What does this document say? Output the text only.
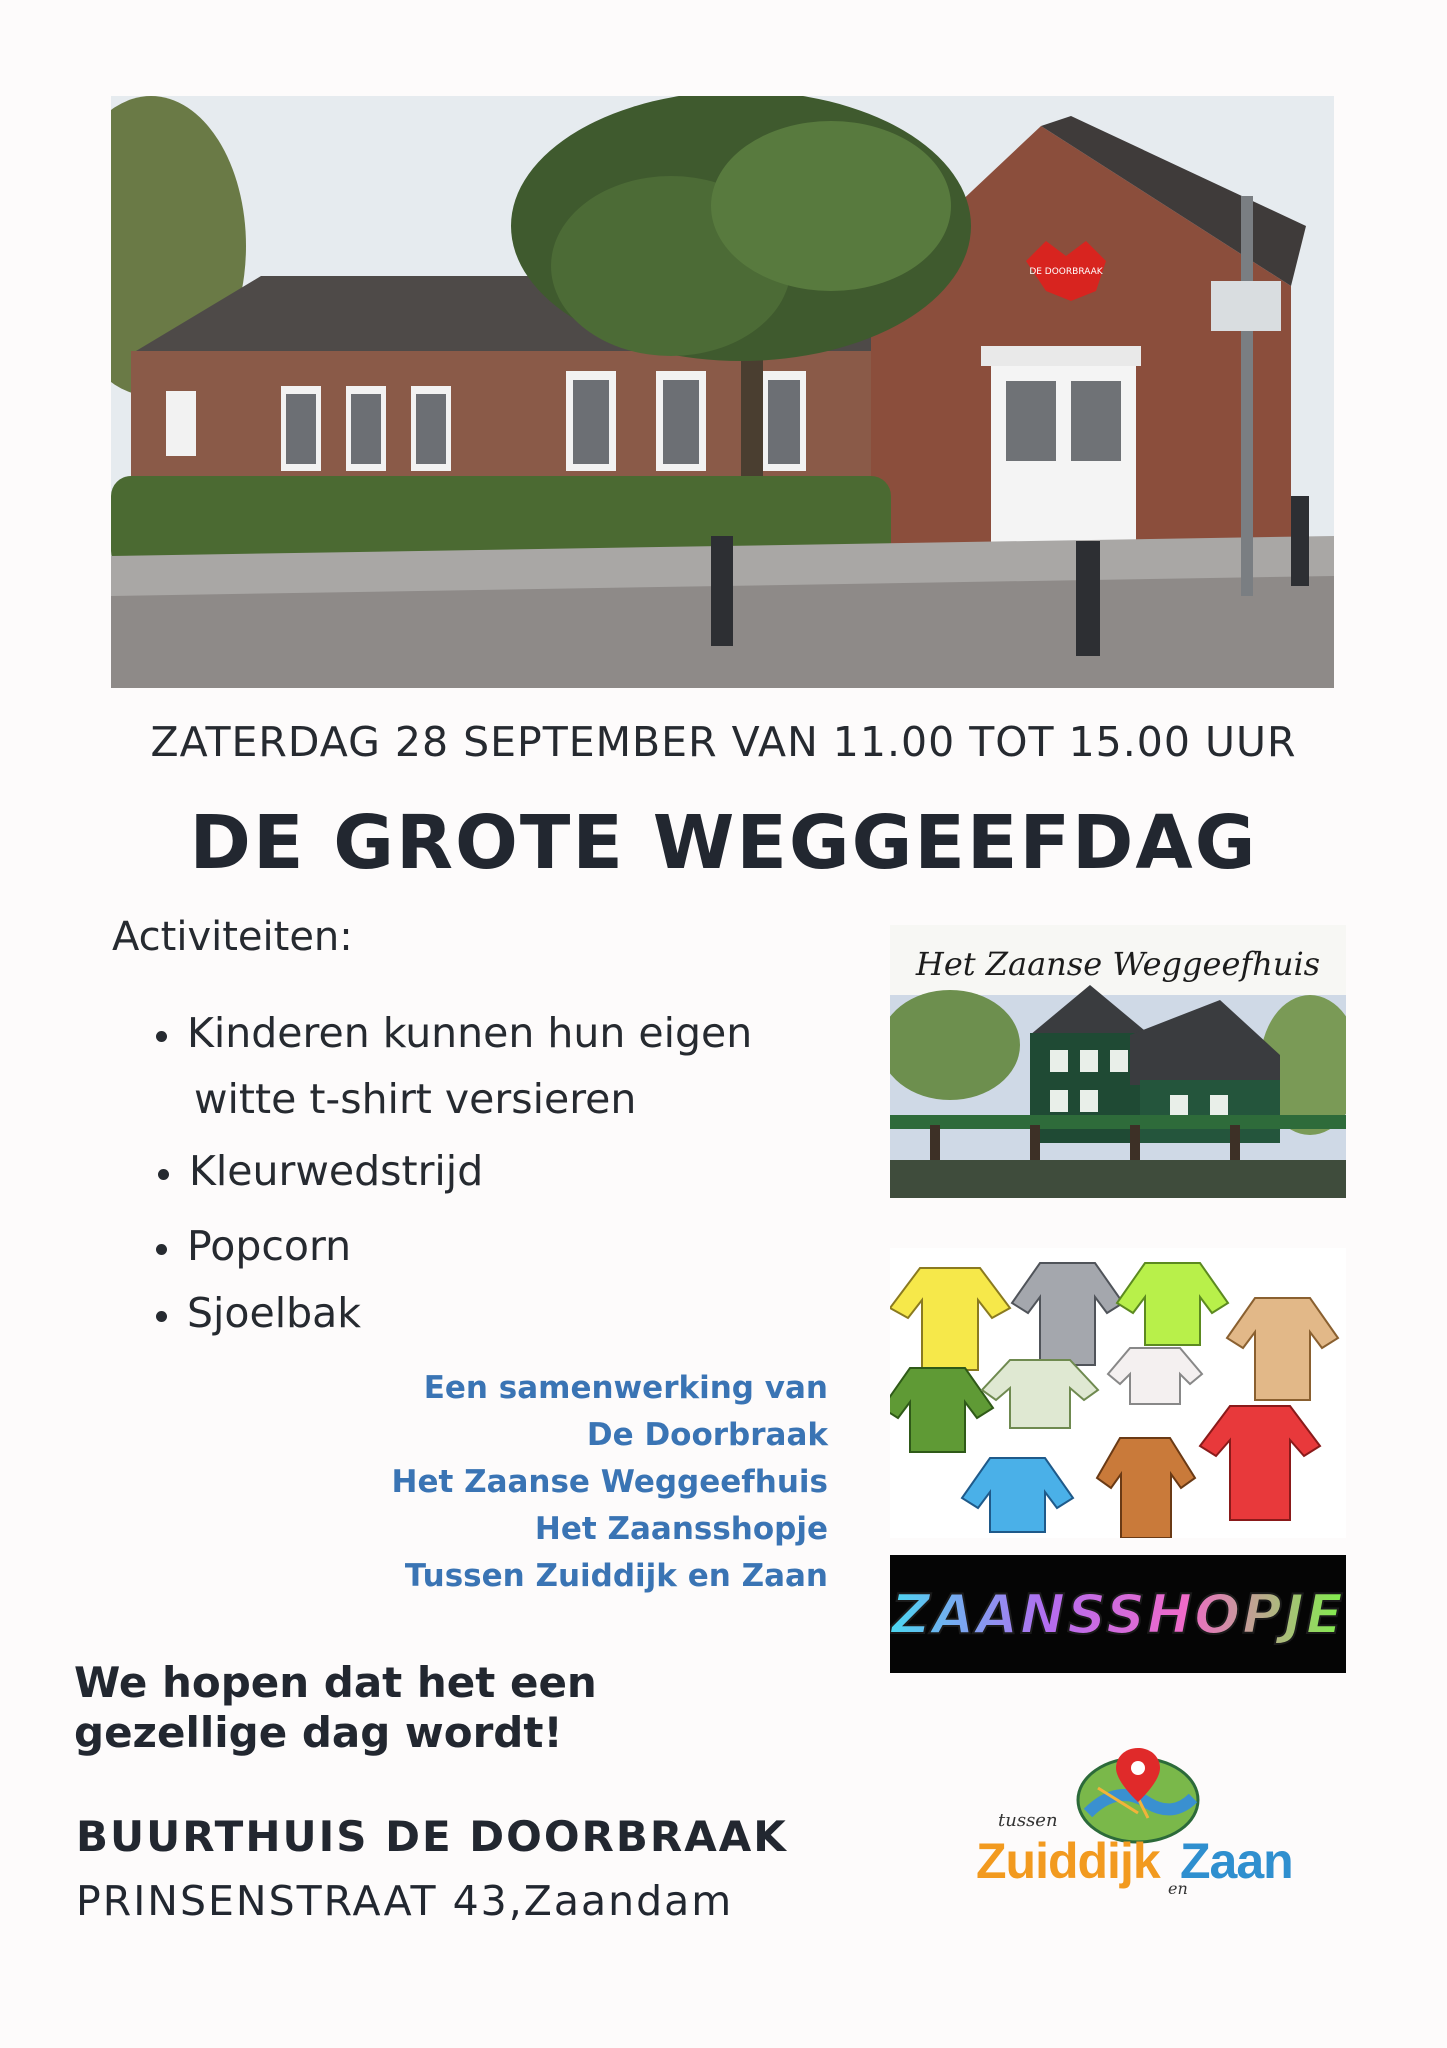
DE DOORBRAAK
ZATERDAG 28 SEPTEMBER VAN 11.00 TOT 15.00 UUR
DE GROTE WEGGEEFDAG
Activiteiten:
Kinderen kunnen hun eigen
witte t-shirt versieren
Kleurwedstrijd
Popcorn
Sjoelbak
Een samenwerking van
De Doorbraak
Het Zaanse Weggeefhuis
Het Zaansshopje
Tussen Zuiddijk en Zaan
We hopen dat het een
gezellige dag wordt!
BUURTHUIS DE DOORBRAAK
PRINSENSTRAAT 43,Zaandam
Het Zaanse Weggeefhuis
ZAANSSHOPJE
tussen
Zuiddijk en
Zaan
